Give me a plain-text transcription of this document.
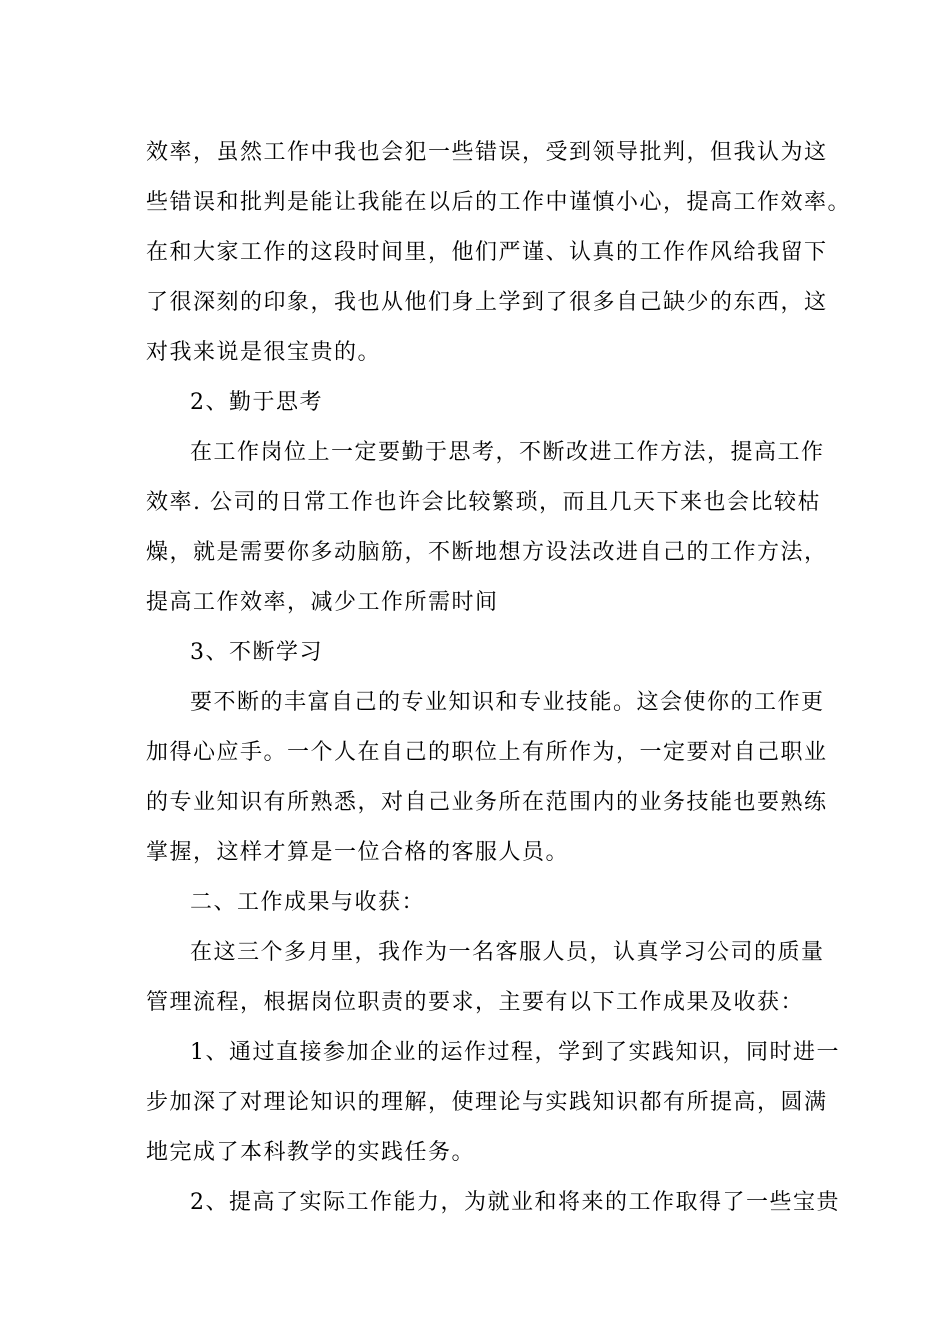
效率，虽然工作中我也会犯一些错误，受到领导批判，但我认为这
些错误和批判是能让我能在以后的工作中谨慎小心，提高工作效率。
在和大家工作的这段时间里，他们严谨、认真的工作作风给我留下
了很深刻的印象，我也从他们身上学到了很多自己缺少的东西，这
对我来说是很宝贵的。
2、勤于思考
在工作岗位上一定要勤于思考，不断改进工作方法，提高工作
效率. 公司的日常工作也许会比较繁琐，而且几天下来也会比较枯
燥，就是需要你多动脑筋，不断地想方设法改进自己的工作方法，
提高工作效率，减少工作所需时间
3、不断学习
要不断的丰富自己的专业知识和专业技能。这会使你的工作更
加得心应手。一个人在自己的职位上有所作为，一定要对自己职业
的专业知识有所熟悉，对自己业务所在范围内的业务技能也要熟练
掌握，这样才算是一位合格的客服人员。
二、工作成果与收获：
在这三个多月里，我作为一名客服人员，认真学习公司的质量
管理流程，根据岗位职责的要求，主要有以下工作成果及收获：
1、通过直接参加企业的运作过程，学到了实践知识，同时进一
步加深了对理论知识的理解，使理论与实践知识都有所提高，圆满
地完成了本科教学的实践任务。
2、提高了实际工作能力，为就业和将来的工作取得了一些宝贵
